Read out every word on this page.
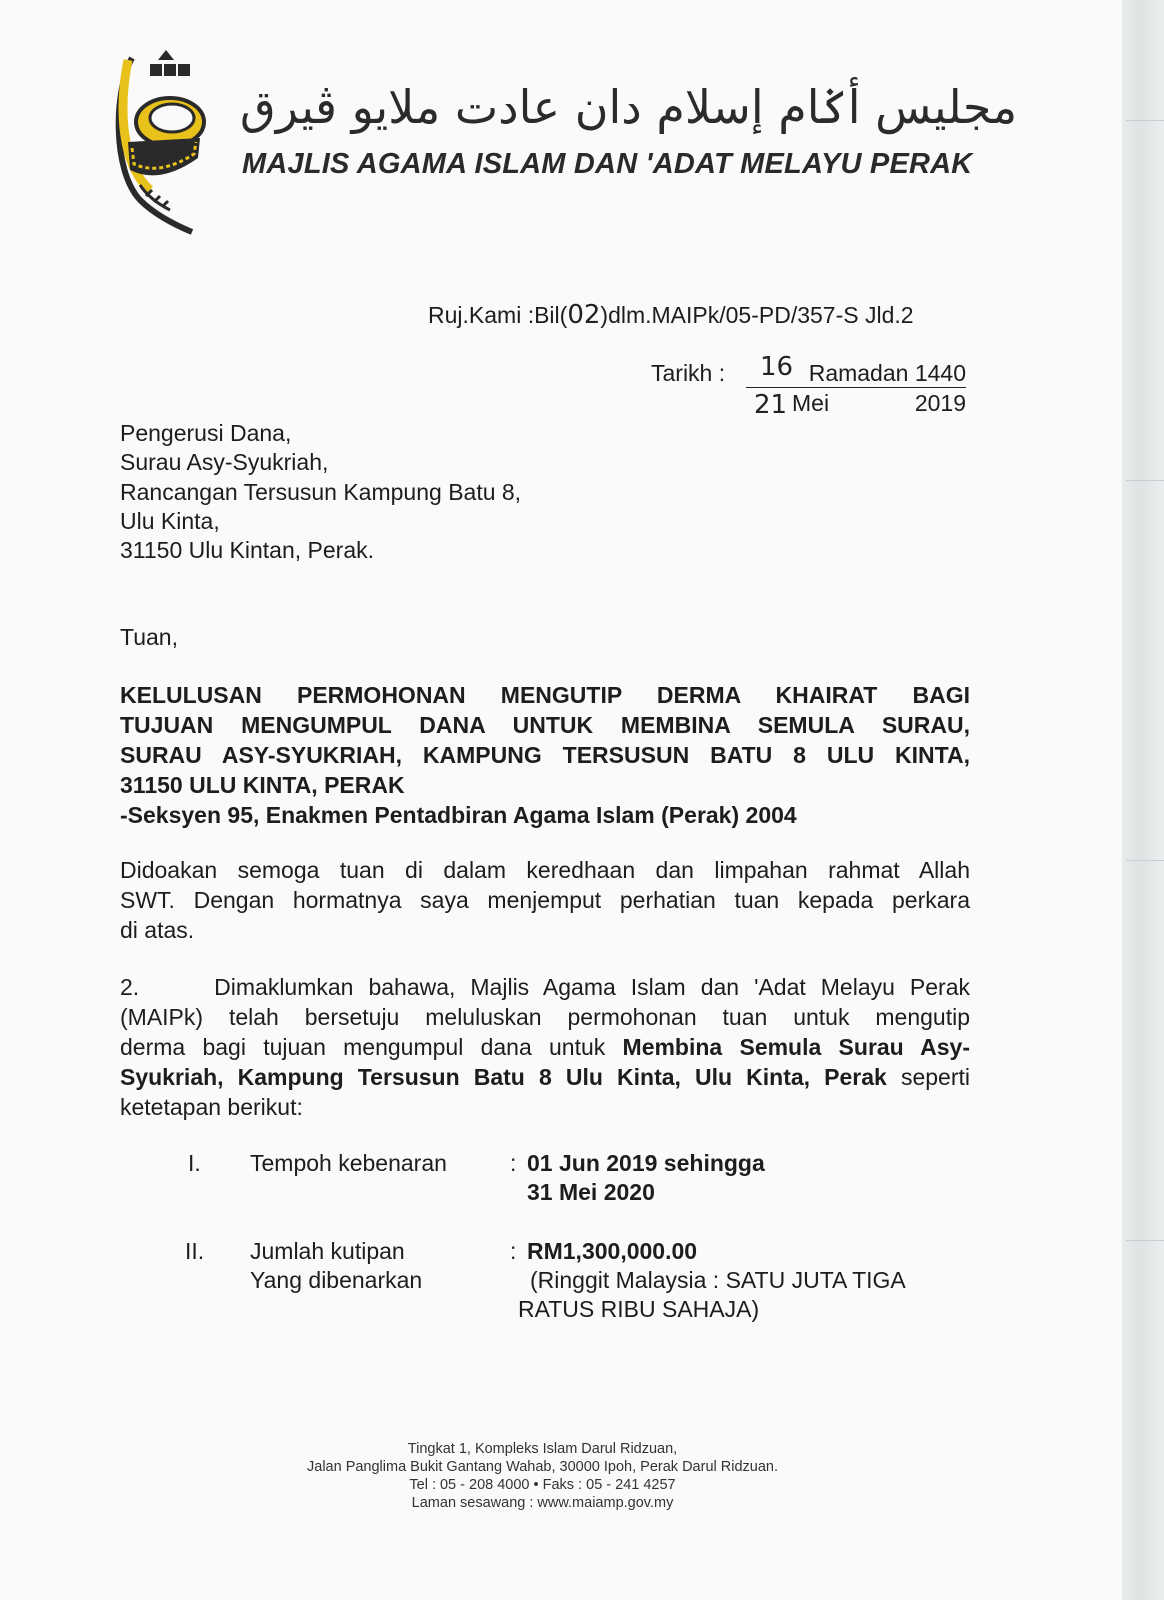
مجليس أݢام إسلام دان عادت ملايو ڤيرق
MAJLIS AGAMA ISLAM DAN 'ADAT MELAYU PERAK
Ruj.Kami :Bil(02)dlm.MAIPk/05-PD/357-S Jld.2
Tarikh : 16 Ramadan 1440
21 Mei	2019
Pengerusi Dana,
Surau Asy-Syukriah,
Rancangan Tersusun Kampung Batu 8,
Ulu Kinta,
31150 Ulu Kintan, Perak.
Tuan,
KELULUSAN PERMOHONAN MENGUTIP DERMA KHAIRAT BAGI
TUJUAN MENGUMPUL DANA UNTUK MEMBINA SEMULA SURAU,
SURAU ASY-SYUKRIAH, KAMPUNG TERSUSUN BATU 8 ULU KINTA,
31150 ULU KINTA, PERAK
-Seksyen 95, Enakmen Pentadbiran Agama Islam (Perak) 2004
Didoakan semoga tuan di dalam keredhaan dan limpahan rahmat Allah
SWT. Dengan hormatnya saya menjemput perhatian tuan kepada perkara
di atas.
2.     Dimaklumkan bahawa, Majlis Agama Islam dan 'Adat Melayu Perak
(MAIPk) telah bersetuju meluluskan permohonan tuan untuk mengutip
derma bagi tujuan mengumpul dana untuk Membina Semula Surau Asy-
Syukriah, Kampung Tersusun Batu 8 Ulu Kinta, Ulu Kinta, Perak seperti
ketetapan berikut:
I. Tempoh kebenaran	: 01 Jun 2019 sehingga
31 Mei 2020
II. Jumlah kutipan
Yang dibenarkan
: RM1,300,000.00
(Ringgit Malaysia : SATU JUTA TIGA
RATUS RIBU SAHAJA)
Tingkat 1, Kompleks Islam Darul Ridzuan,
Jalan Panglima Bukit Gantang Wahab, 30000 Ipoh, Perak Darul Ridzuan.
Tel : 05 - 208 4000 • Faks : 05 - 241 4257
Laman sesawang : www.maiamp.gov.my
